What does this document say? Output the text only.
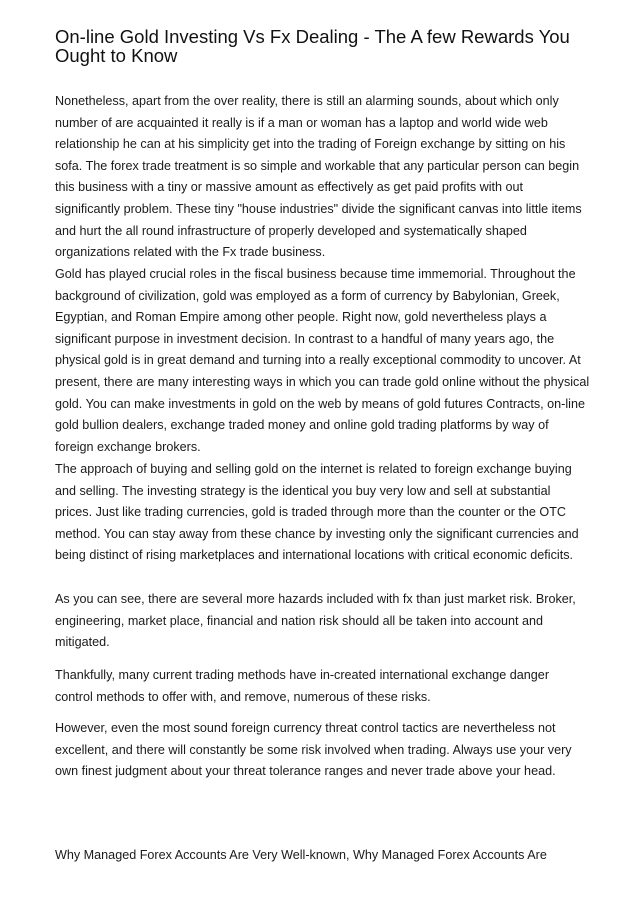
On-line Gold Investing Vs Fx Dealing - The A few Rewards You Ought to Know

Nonetheless, apart from the over reality, there is still an alarming sounds, about which only number of are acquainted it really is if a man or woman has a laptop and world wide web relationship he can at his simplicity get into the trading of Foreign exchange by sitting on his sofa. The forex trade treatment is so simple and workable that any particular person can begin this business with a tiny or massive amount as effectively as get paid profits with out significantly problem. These tiny "house industries" divide the significant canvas into little items and hurt the all round infrastructure of properly developed and systematically shaped organizations related with the Fx trade business.

Gold has played crucial roles in the fiscal business because time immemorial. Throughout the background of civilization, gold was employed as a form of currency by Babylonian, Greek, Egyptian, and Roman Empire among other people. Right now, gold nevertheless plays a significant purpose in investment decision. In contrast to a handful of many years ago, the physical gold is in great demand and turning into a really exceptional commodity to uncover. At present, there are many interesting ways in which you can trade gold online without the physical gold. You can make investments in gold on the web by means of gold futures Contracts, on-line gold bullion dealers, exchange traded money and online gold trading platforms by way of foreign exchange brokers.

The approach of buying and selling gold on the internet is related to foreign exchange buying and selling. The investing strategy is the identical you buy very low and sell at substantial prices. Just like trading currencies, gold is traded through more than the counter or the OTC method. You can stay away from these chance by investing only the significant currencies and being distinct of rising marketplaces and international locations with critical economic deficits.

As you can see, there are several more hazards included with fx than just market risk. Broker, engineering, market place, financial and nation risk should all be taken into account and mitigated.

Thankfully, many current trading methods have in-created international exchange danger control methods to offer with, and remove, numerous of these risks.

However, even the most sound foreign currency threat control tactics are nevertheless not excellent, and there will constantly be some risk involved when trading. Always use your very own finest judgment about your threat tolerance ranges and never trade above your head.

Why Managed Forex Accounts Are Very Well-known, Why Managed Forex Accounts Are
